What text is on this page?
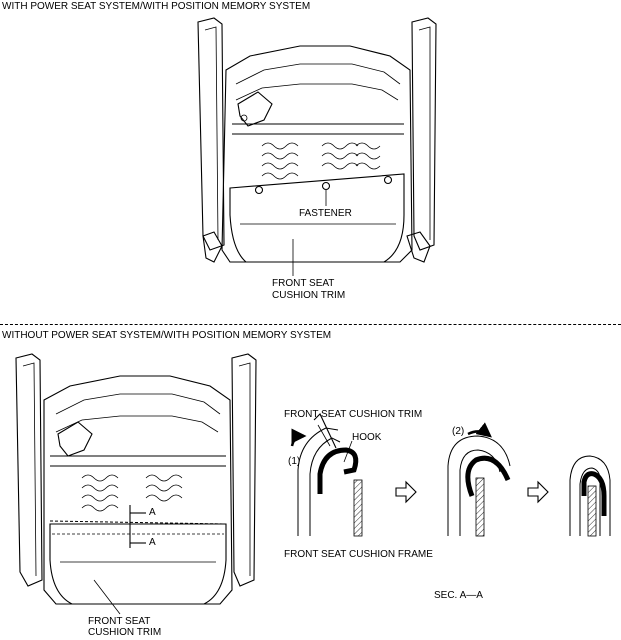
WITH POWER SEAT SYSTEM/WITH POSITION MEMORY SYSTEM
WITHOUT POWER SEAT SYSTEM/WITH POSITION MEMORY SYSTEM
FASTENER
FRONT SEAT
CUSHION TRIM
A
A
FRONT SEAT
CUSHION TRIM
FRONT SEAT CUSHION TRIM
HOOK
(1)
(2)
FRONT SEAT CUSHION FRAME
SEC. A—A
